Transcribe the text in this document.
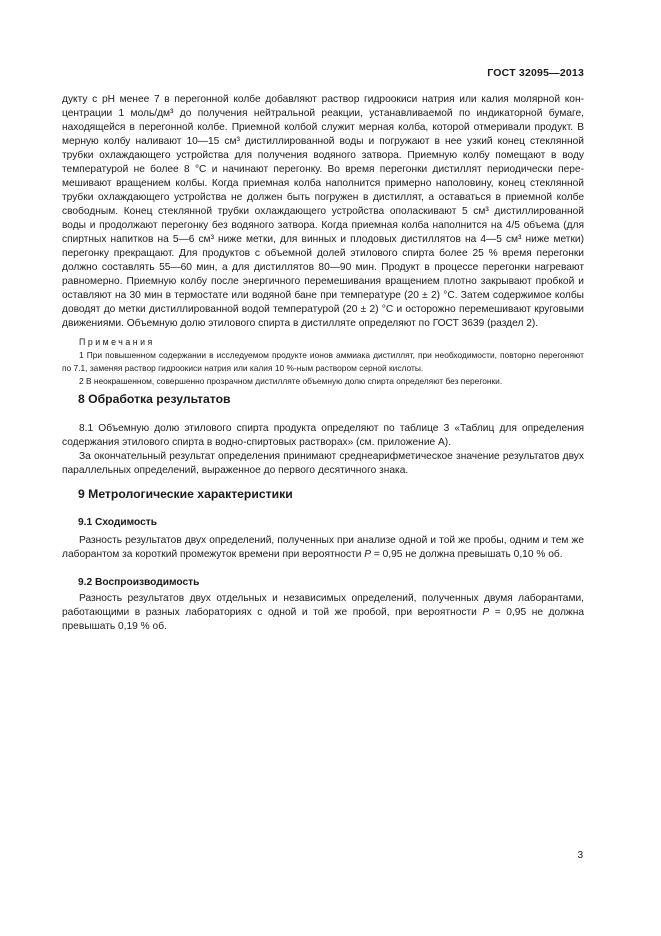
ГОСТ 32095—2013

дукту с рН менее 7 в перегонной колбе добавляют раствор гидроокиси натрия или калия молярной концентрации 1 моль/дм³ до получения нейтральной реакции, устанавливаемой по индикаторной бумаге, находящейся в перегонной колбе. Приемной колбой служит мерная колба, которой отмеривали продукт. В мерную колбу наливают 10—15 см³ дистиллированной воды и погружают в нее узкий конец стеклянной трубки охлаждающего устройства для получения водяного затвора. Приемную колбу помещают в воду температурой не более 8 °С и начинают перегонку. Во время перегонки дистиллят периодически перемешивают вращением колбы. Когда приемная колба наполнится примерно наполовину, конец стеклянной трубки охлаждающего устройства не должен быть погружен в дистиллят, а оставаться в приемной колбе свободным. Конец стеклянной трубки охлаждающего устройства ополаскивают 5 см³ дистиллированной воды и продолжают перегонку без водяного затвора. Когда приемная колба наполнится на 4/5 объема (для спиртных напитков на 5—6 см³ ниже метки, для винных и плодовых дистиллятов на 4—5 см³ ниже метки) перегонку прекращают. Для продуктов с объемной долей этилового спирта более 25 % время перегонки должно составлять 55—60 мин, а для дистиллятов 80—90 мин. Продукт в процессе перегонки нагревают равномерно. Приемную колбу после энергичного перемешивания вращением плотно закрывают пробкой и оставляют на 30 мин в термостате или водяной бане при температуре (20 ± 2) °С. Затем содержимое колбы доводят до метки дистиллированной водой температурой (20 ± 2) °С и осторожно перемешивают круговыми движениями. Объемную долю этилового спирта в дистилляте определяют по ГОСТ 3639 (раздел 2).

Примечания

1 При повышенном содержании в исследуемом продукте ионов аммиака дистиллят, при необходимости, повторно перегоняют по 7.1, заменяя раствор гидроокиси натрия или калия 10 %-ным раствором серной кислоты.

2 В неокрашенном, совершенно прозрачном дистилляте объемную долю спирта определяют без перегонки.

8 Обработка результатов

8.1 Объемную долю этилового спирта продукта определяют по таблице 3 «Таблиц для определения содержания этилового спирта в водно-спиртовых растворах» (см. приложение А).

За окончательный результат определения принимают среднеарифметическое значение результатов двух параллельных определений, выраженное до первого десятичного знака.

9 Метрологические характеристики
9.1 Сходимость

Разность результатов двух определений, полученных при анализе одной и той же пробы, одним и тем же лаборантом за короткий промежуток времени при вероятности Р = 0,95 не должна превышать 0,10 % об.

9.2 Воспроизводимость

Разность результатов двух отдельных и независимых определений, полученных двумя лаборантами, работающими в разных лабораториях с одной и той же пробой, при вероятности Р = 0,95 не должна превышать 0,19 % об.

3
